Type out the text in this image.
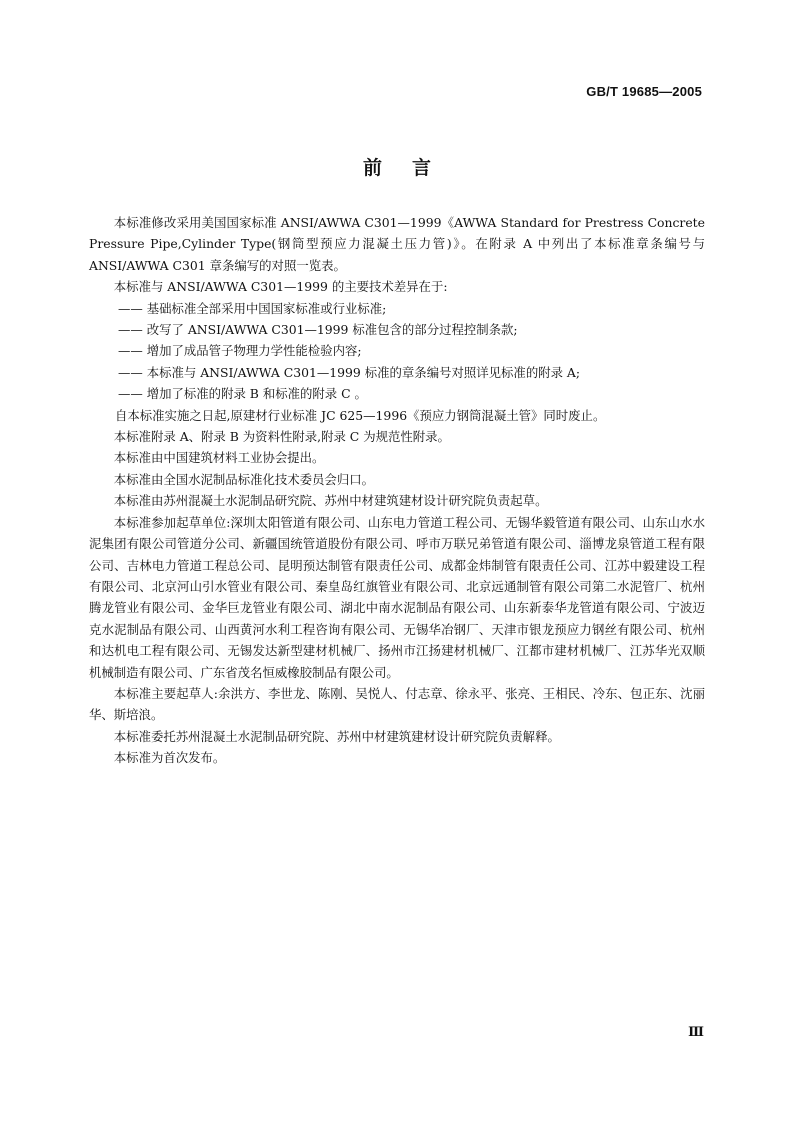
GB/T 19685—2005
前言

本标准修改采用美国国家标准 ANSI/AWWA C301—1999《AWWA Standard for Prestress Concrete Pressure Pipe,Cylinder Type(钢筒型预应力混凝土压力管)》。在附录 A 中列出了本标准章条编号与 ANSI/AWWA C301 章条编写的对照一览表。

本标准与 ANSI/AWWA C301—1999 的主要技术差异在于:

—— 基础标准全部采用中国国家标准或行业标准;

—— 改写了 ANSI/AWWA C301—1999 标准包含的部分过程控制条款;

—— 增加了成品管子物理力学性能检验内容;

—— 本标准与 ANSI/AWWA C301—1999 标准的章条编号对照详见标准的附录 A;

—— 增加了标准的附录 B 和标准的附录 C 。

自本标准实施之日起,原建材行业标准 JC 625—1996《预应力钢筒混凝土管》同时废止。

本标准附录 A、附录 B 为资料性附录,附录 C 为规范性附录。

本标准由中国建筑材料工业协会提出。

本标准由全国水泥制品标准化技术委员会归口。

本标准由苏州混凝土水泥制品研究院、苏州中材建筑建材设计研究院负责起草。

本标准参加起草单位:深圳太阳管道有限公司、山东电力管道工程公司、无锡华毅管道有限公司、山东山水水泥集团有限公司管道分公司、新疆国统管道股份有限公司、呼市万联兄弟管道有限公司、淄博龙泉管道工程有限公司、吉林电力管道工程总公司、昆明预达制管有限责任公司、成都金炜制管有限责任公司、江苏中毅建设工程有限公司、北京河山引水管业有限公司、秦皇岛红旗管业有限公司、北京远通制管有限公司第二水泥管厂、杭州腾龙管业有限公司、金华巨龙管业有限公司、湖北中南水泥制品有限公司、山东新泰华龙管道有限公司、宁波迈克水泥制品有限公司、山西黄河水利工程咨询有限公司、无锡华冶钢厂、天津市银龙预应力钢丝有限公司、杭州和达机电工程有限公司、无锡发达新型建材机械厂、扬州市江扬建材机械厂、江都市建材机械厂、江苏华光双顺机械制造有限公司、广东省茂名恒威橡胶制品有限公司。

本标准主要起草人:余洪方、李世龙、陈刚、吴悦人、付志章、徐永平、张亮、王相民、冷东、包正东、沈丽华、斯培浪。

本标准委托苏州混凝土水泥制品研究院、苏州中材建筑建材设计研究院负责解释。

本标准为首次发布。

Ⅲ
